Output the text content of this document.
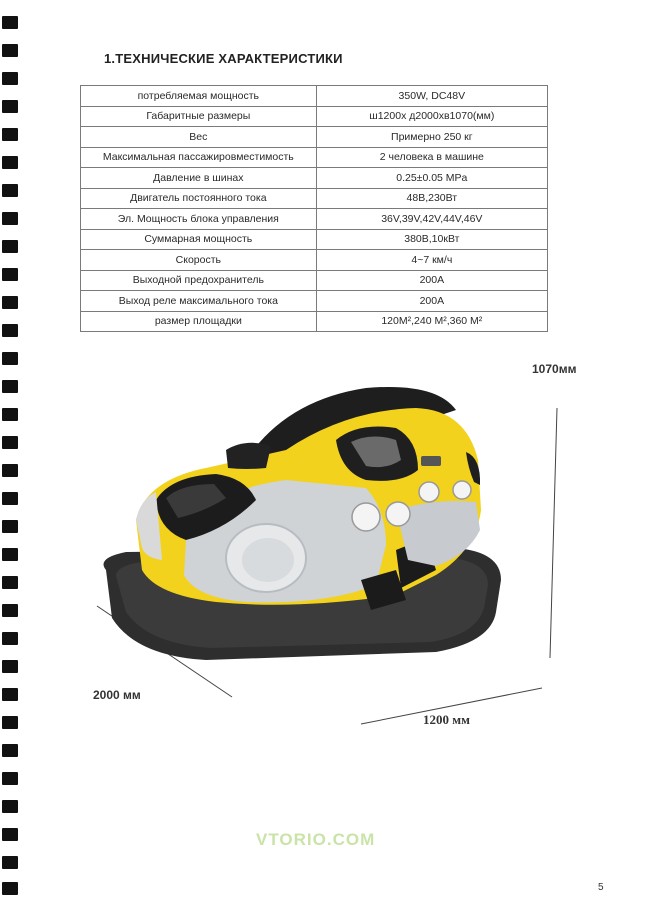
1.ТЕХНИЧЕСКИЕ ХАРАКТЕРИСТИКИ
потребляемая мощность	350W, DC48V
Габаритные размеры	ш1200х д2000хв1070(мм)
Вес	Примерно 250 кг
Максимальная пассажировместимость	2 человека в машине
Давление в шинах	0.25±0.05 MPa
Двигатель постоянного тока	48В,230Вт
Эл. Мощность блока управления	36V,39V,42V,44V,46V
Суммарная мощность	380В,10кВт
Скорость	4~7 км/ч
Выходной предохранитель	200A
Выход реле максимального тока	200A
размер площадки	120M²,240 M²,360 M²
1070мм
2000 мм
1200 мм
VTORIO.COM
5
